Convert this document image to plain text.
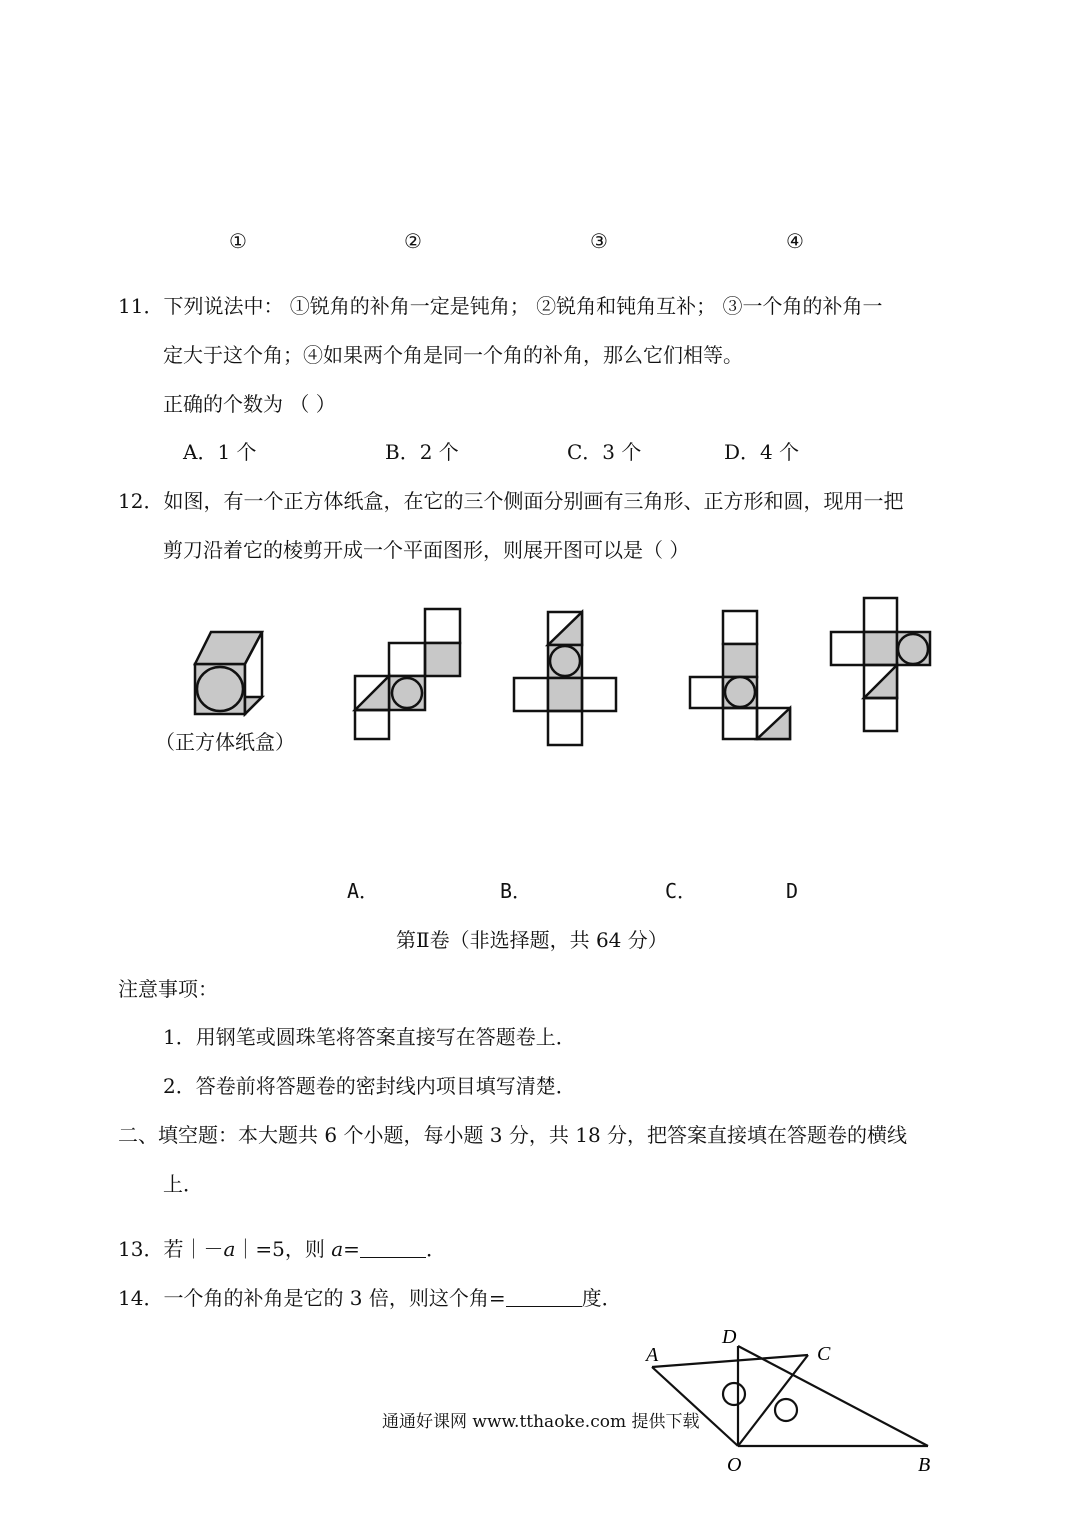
①	②	③	④
11．下列说法中： ①锐角的补角一定是钝角； ②锐角和钝角互补； ③一个角的补角一
定大于这个角；④如果两个角是同一个角的补角，那么它们相等。
正确的个数为 （ ）
A．1 个	B．2 个	C．3 个	D．4 个
12．如图，有一个正方体纸盒，在它的三个侧面分别画有三角形、正方形和圆，现用一把
剪刀沿着它的棱剪开成一个平面图形，则展开图可以是（ ）
A
D
C
O	B
（正方体纸盒）
A．	B．	C．	D
第Ⅱ卷（非选择题，共 64 分）
注意事项：
1．用钢笔或圆珠笔将答案直接写在答题卷上．
2．答卷前将答题卷的密封线内项目填写清楚．
二、填空题：本大题共 6 个小题，每小题 3 分，共 18 分，把答案直接填在答题卷的横线
上．
13．若｜－a｜=5，则 a=	．
14．一个角的补角是它的 3 倍，则这个角=	度．
通通好课网 www.tthaoke.com 提供下载
